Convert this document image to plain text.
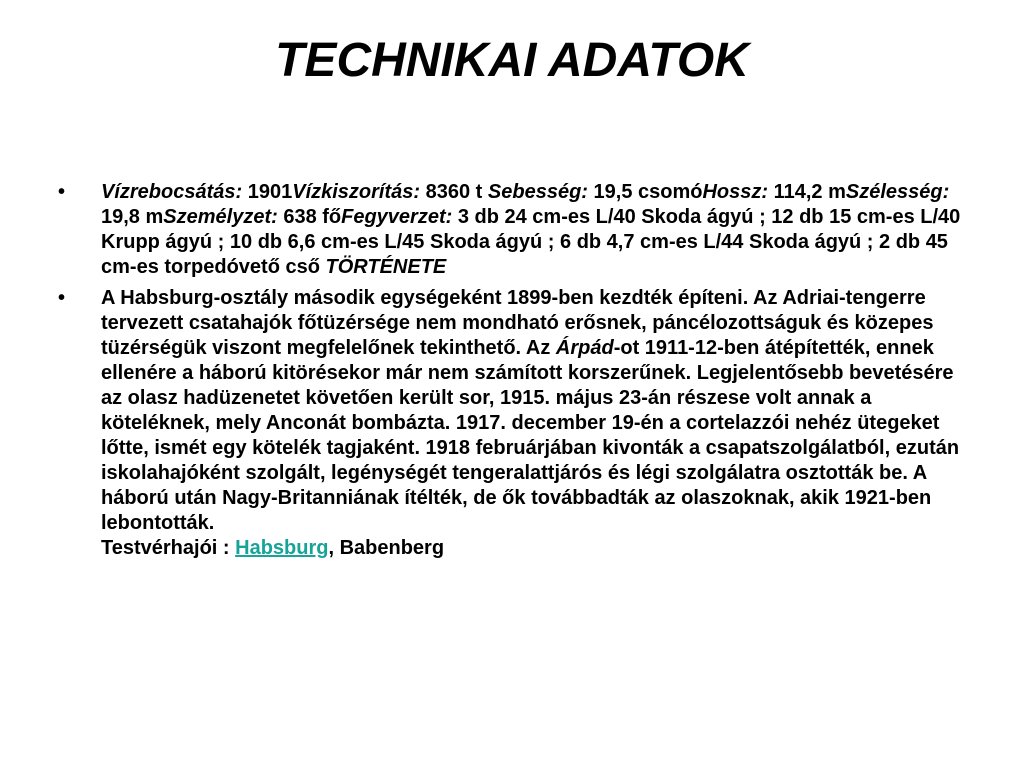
TECHNIKAI ADATOK
• Vízrebocsátás: 1901Vízkiszorítás: 8360 t Sebesség: 19,5 csomóHossz: 114,2 mSzélesség: 19,8 mSzemélyzet: 638 főFegyverzet: 3 db 24 cm-es L/40 Skoda ágyú ; 12 db 15 cm-es L/40 Krupp ágyú ; 10 db 6,6 cm-es L/45 Skoda ágyú ; 6 db 4,7 cm-es L/44 Skoda ágyú ; 2 db 45 cm-es torpedóvető cső TÖRTÉNETE
• A Habsburg-osztály második egységeként 1899-ben kezdték építeni. Az Adriai-tengerre tervezett csatahajók főtüzérsége nem mondható erősnek, páncélozottságuk és közepes tüzérségük viszont megfelelőnek tekinthető. Az Árpád-ot 1911-12-ben átépítették, ennek ellenére a háború kitörésekor már nem számított korszerűnek. Legjelentősebb bevetésére az olasz hadüzenetet követően került sor, 1915. május 23-án részese volt annak a köteléknek, mely Anconát bombázta. 1917. december 19-én a cortelazzói nehéz ütegeket lőtte, ismét egy kötelék tagjaként. 1918 februárjában kivonták a csapatszolgálatból, ezután iskolahajóként szolgált, legénységét tengeralattjárós és légi szolgálatra osztották be. A háború után Nagy-Britanniának ítélték, de ők továbbadták az olaszoknak, akik 1921-ben lebontották.
Testvérhajói : Habsburg, Babenberg
